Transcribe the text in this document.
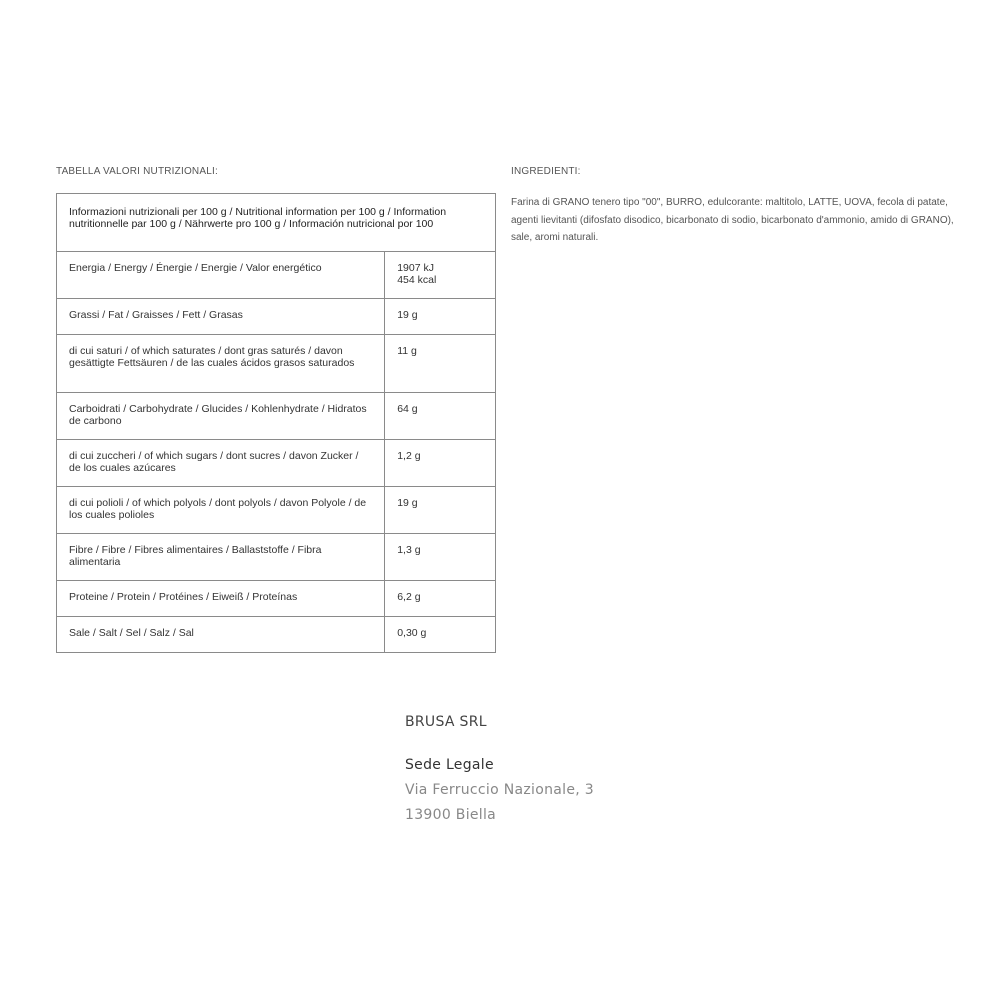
TABELLA VALORI NUTRIZIONALI:
Informazioni nutrizionali per 100 g / Nutritional information per 100 g / Information nutritionnelle par 100 g / Nährwerte pro 100 g / Información nutricional por 100	
Energia / Energy / Énergie / Energie / Valor energético	1907 kJ
454 kcal

Grassi / Fat / Graisses / Fett / Grasas	19 g
di cui saturi / of which saturates / dont gras saturés / davon gesättigte Fettsäuren / de las cuales ácidos grasos saturados	11 g
Carboidrati / Carbohydrate / Glucides / Kohlenhydrate / Hidratos de carbono	64 g
di cui zuccheri / of which sugars / dont sucres / davon Zucker / de los cuales azúcares	1,2 g
di cui polioli / of which polyols / dont polyols / davon Polyole / de los cuales polioles	19 g
Fibre / Fibre / Fibres alimentaires / Ballaststoffe / Fibra alimentaria	1,3 g
Proteine / Protein / Protéines / Eiweiß / Proteínas	6,2 g
Sale / Salt / Sel / Salz / Sal	0,30 g
INGREDIENTI:

Farina di GRANO tenero tipo "00", BURRO, edulcorante: maltitolo, LATTE, UOVA, fecola di patate, agenti lievitanti (difosfato disodico, bicarbonato di sodio, bicarbonato d'ammonio, amido di GRANO), sale, aromi naturali.

BRUSA SRL

Sede Legale

Via Ferruccio Nazionale, 3

13900 Biella
